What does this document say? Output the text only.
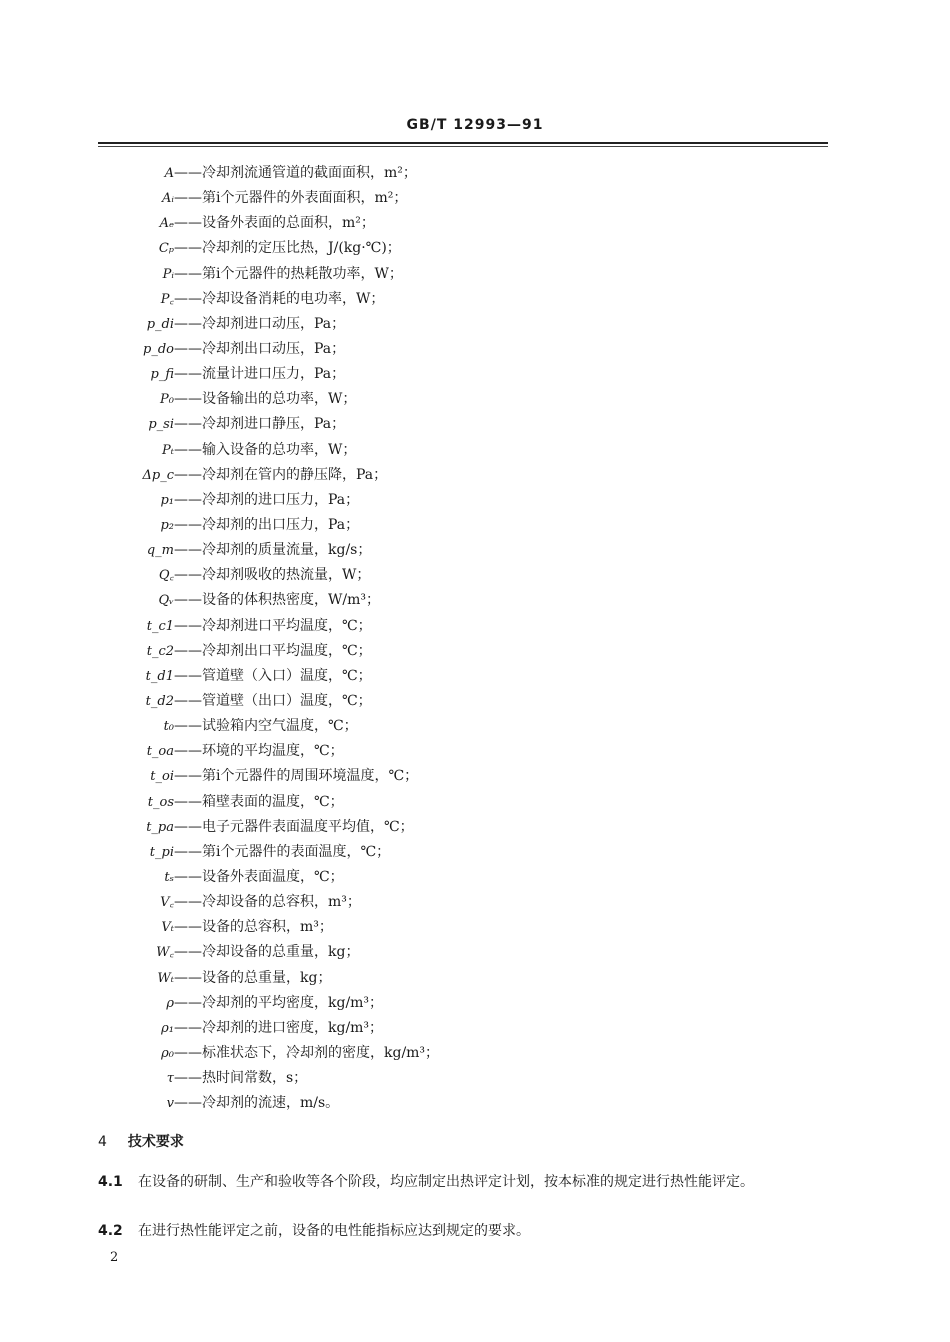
GB/T 12993—91
A ——冷却剂流通管道的截面面积，m²；
Aᵢ ——第i个元器件的外表面面积，m²；
Aₑ ——设备外表面的总面积，m²；
Cₚ ——冷却剂的定压比热，J/(kg·℃)；
Pᵢ ——第i个元器件的热耗散功率，W；
P꜀ ——冷却设备消耗的电功率，W；
p_di ——冷却剂进口动压，Pa；
p_do ——冷却剂出口动压，Pa；
p_fi ——流量计进口压力，Pa；
P₀ ——设备输出的总功率，W；
p_si ——冷却剂进口静压，Pa；
Pₜ ——输入设备的总功率，W；
Δp_c ——冷却剂在管内的静压降，Pa；
p₁ ——冷却剂的进口压力，Pa；
p₂ ——冷却剂的出口压力，Pa；
q_m ——冷却剂的质量流量，kg/s；
Q꜀ ——冷却剂吸收的热流量，W；
Qᵥ ——设备的体积热密度，W/m³；
t_c1 ——冷却剂进口平均温度，℃；
t_c2 ——冷却剂出口平均温度，℃；
t_d1 ——管道壁（入口）温度，℃；
t_d2 ——管道壁（出口）温度，℃；
t₀ ——试验箱内空气温度，℃；
t_oa ——环境的平均温度，℃；
t_oi ——第i个元器件的周围环境温度，℃；
t_os ——箱壁表面的温度，℃；
t_pa ——电子元器件表面温度平均值，℃；
t_pi ——第i个元器件的表面温度，℃；
tₛ ——设备外表面温度，℃；
V꜀ ——冷却设备的总容积，m³；
Vₜ ——设备的总容积，m³；
W꜀ ——冷却设备的总重量，kg；
Wₜ ——设备的总重量，kg；
ρ ——冷却剂的平均密度，kg/m³；
ρ₁ ——冷却剂的进口密度，kg/m³；
ρ₀ ——标准状态下，冷却剂的密度，kg/m³；
τ ——热时间常数，s；
v ——冷却剂的流速，m/s。
4 技术要求
4.1 在设备的研制、生产和验收等各个阶段，均应制定出热评定计划，按本标准的规定进行热性能评定。
4.2 在进行热性能评定之前，设备的电性能指标应达到规定的要求。
2
